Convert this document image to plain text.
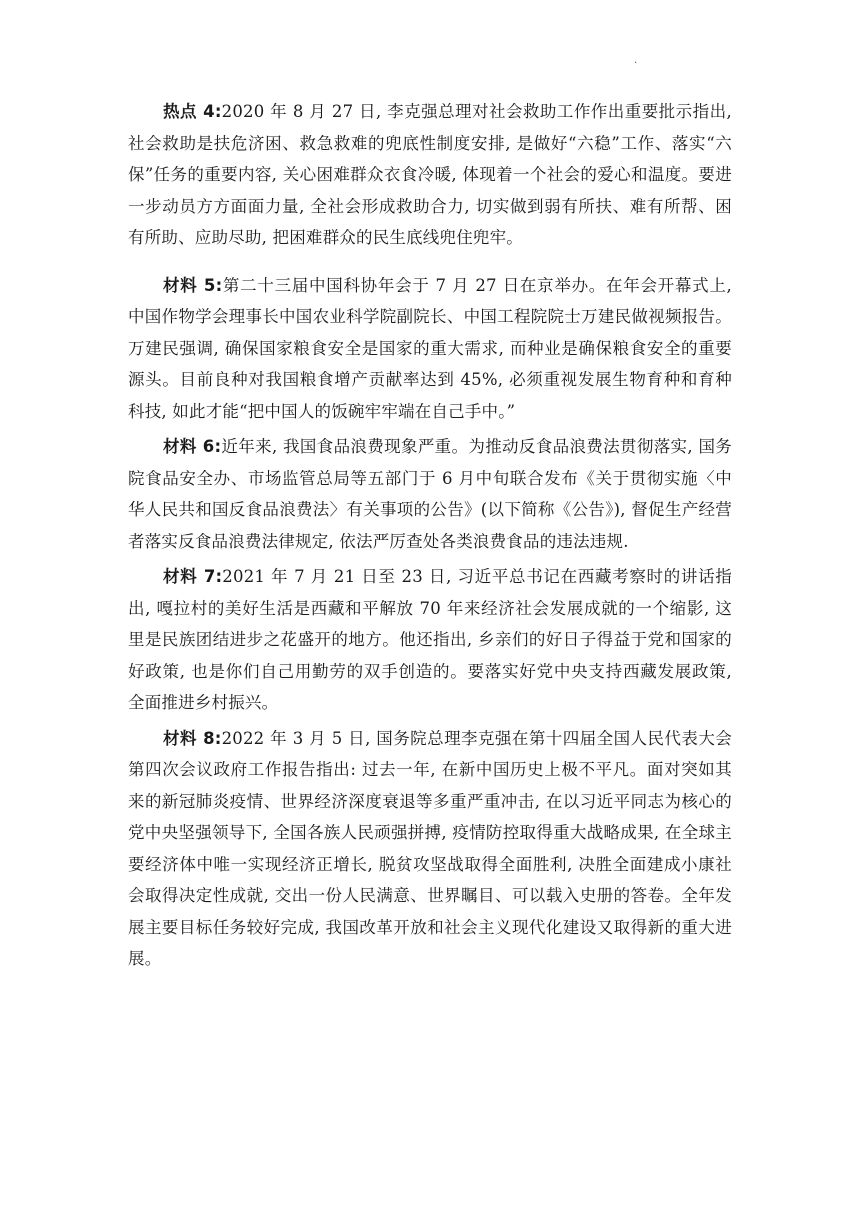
.

热点 4:2020 年 8 月 27 日, 李克强总理对社会救助工作作出重要批示指出, 社会救助是扶危济困、救急救难的兜底性制度安排, 是做好“六稳”工作、落实“六保”任务的重要内容, 关心困难群众衣食冷暖, 体现着一个社会的爱心和温度。要进一步动员方方面面力量, 全社会形成救助合力, 切实做到弱有所扶、难有所帮、困有所助、应助尽助, 把困难群众的民生底线兜住兜牢。

材料 5:第二十三届中国科协年会于 7 月 27 日在京举办。在年会开幕式上, 中国作物学会理事长中国农业科学院副院长、中国工程院院士万建民做视频报告。万建民强调, 确保国家粮食安全是国家的重大需求, 而种业是确保粮食安全的重要源头。目前良种对我国粮食增产贡献率达到 45%, 必须重视发展生物育种和育种科技, 如此才能“把中国人的饭碗牢牢端在自己手中。”

材料 6:近年来, 我国食品浪费现象严重。为推动反食品浪费法贯彻落实, 国务院食品安全办、市场监管总局等五部门于 6 月中旬联合发布《关于贯彻实施〈中华人民共和国反食品浪费法〉有关事项的公告》(以下简称《公告》), 督促生产经营者落实反食品浪费法律规定, 依法严厉查处各类浪费食品的违法违规.

材料 7:2021 年 7 月 21 日至 23 日, 习近平总书记在西藏考察时的讲话指出, 嘎拉村的美好生活是西藏和平解放 70 年来经济社会发展成就的一个缩影, 这里是民族团结进步之花盛开的地方。他还指出, 乡亲们的好日子得益于党和国家的好政策, 也是你们自己用勤劳的双手创造的。要落实好党中央支持西藏发展政策, 全面推进乡村振兴。

材料 8:2022 年 3 月 5 日, 国务院总理李克强在第十四届全国人民代表大会第四次会议政府工作报告指出: 过去一年, 在新中国历史上极不平凡。面对突如其来的新冠肺炎疫情、世界经济深度衰退等多重严重冲击, 在以习近平同志为核心的党中央坚强领导下, 全国各族人民顽强拼搏, 疫情防控取得重大战略成果, 在全球主要经济体中唯一实现经济正增长, 脱贫攻坚战取得全面胜利, 决胜全面建成小康社会取得决定性成就, 交出一份人民满意、世界瞩目、可以载入史册的答卷。全年发展主要目标任务较好完成, 我国改革开放和社会主义现代化建设又取得新的重大进展。
